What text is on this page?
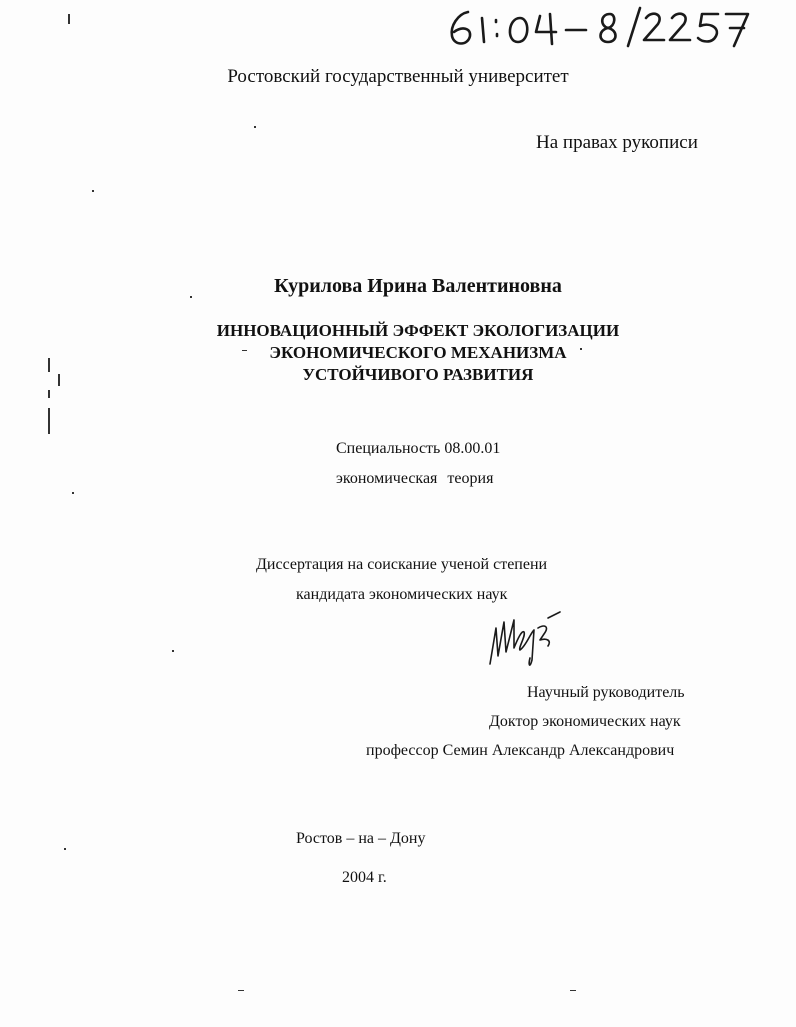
Ростовский государственный университет
На правах рукописи
Курилова Ирина Валентиновна
ИННОВАЦИОННЫЙ ЭФФЕКТ ЭКОЛОГИЗАЦИИ
ЭКОНОМИЧЕСКОГО МЕХАНИЗМА
УСТОЙЧИВОГО РАЗВИТИЯ
Специальность 08.00.01
экономическая теория
Диссертация на соискание ученой степени
кандидата экономических наук
Научный руководитель
Доктор экономических наук
профессор Семин Александр Александрович
Ростов – на – Дону
2004 г.
